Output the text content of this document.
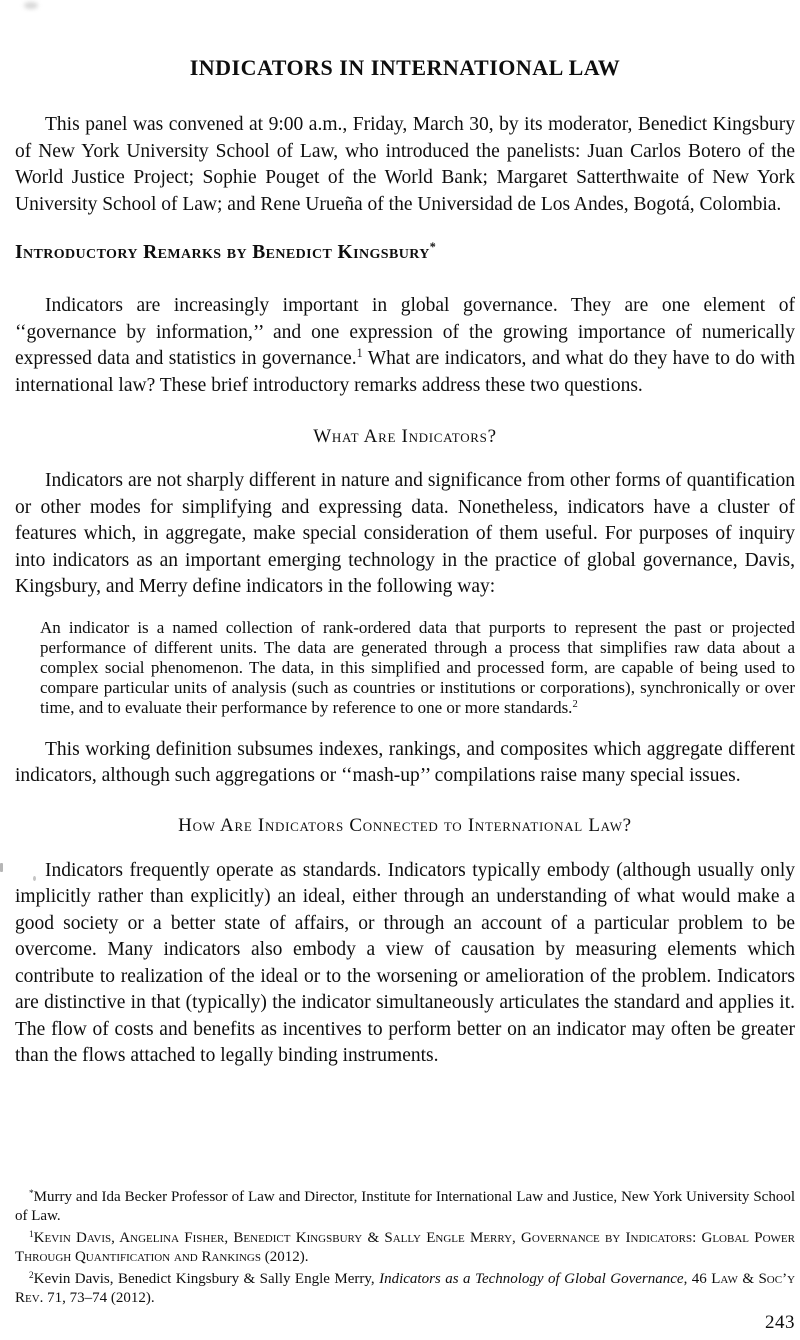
INDICATORS IN INTERNATIONAL LAW

This panel was convened at 9:00 a.m., Friday, March 30, by its moderator, Benedict Kingsbury of New York University School of Law, who introduced the panelists: Juan Carlos Botero of the World Justice Project; Sophie Pouget of the World Bank; Margaret Satterthwaite of New York University School of Law; and Rene Urueña of the Universidad de Los Andes, Bogotá, Colombia.

Introductory Remarks by Benedict Kingsbury*

Indicators are increasingly important in global governance. They are one element of ‘‘governance by information,’’ and one expression of the growing importance of numerically expressed data and statistics in governance.$^1$ What are indicators, and what do they have to do with international law? These brief introductory remarks address these two questions.

What Are Indicators?

Indicators are not sharply different in nature and significance from other forms of quantification or other modes for simplifying and expressing data. Nonetheless, indicators have a cluster of features which, in aggregate, make special consideration of them useful. For purposes of inquiry into indicators as an important emerging technology in the practice of global governance, Davis, Kingsbury, and Merry define indicators in the following way:

An indicator is a named collection of rank-ordered data that purports to represent the past or projected performance of different units. The data are generated through a process that simplifies raw data about a complex social phenomenon. The data, in this simplified and processed form, are capable of being used to compare particular units of analysis (such as countries or institutions or corporations), synchronically or over time, and to evaluate their performance by reference to one or more standards.$^2$

This working definition subsumes indexes, rankings, and composites which aggregate different indicators, although such aggregations or ‘‘mash-up’’ compilations raise many special issues.

How Are Indicators Connected to International Law?

Indicators frequently operate as standards. Indicators typically embody (although usually only implicitly rather than explicitly) an ideal, either through an understanding of what would make a good society or a better state of affairs, or through an account of a particular problem to be overcome. Many indicators also embody a view of causation by measuring elements which contribute to realization of the ideal or to the worsening or amelioration of the problem. Indicators are distinctive in that (typically) the indicator simultaneously articulates the standard and applies it. The flow of costs and benefits as incentives to perform better on an indicator may often be greater than the flows attached to legally binding instruments.

*Murry and Ida Becker Professor of Law and Director, Institute for International Law and Justice, New York University School of Law.

$^1$Kevin Davis, Angelina Fisher, Benedict Kingsbury & Sally Engle Merry, Governance by Indicators: Global Power Through Quantification and Rankings (2012).

$^2$Kevin Davis, Benedict Kingsbury & Sally Engle Merry, Indicators as a Technology of Global Governance, 46 Law & Soc’y Rev. 71, 73–74 (2012).

243
